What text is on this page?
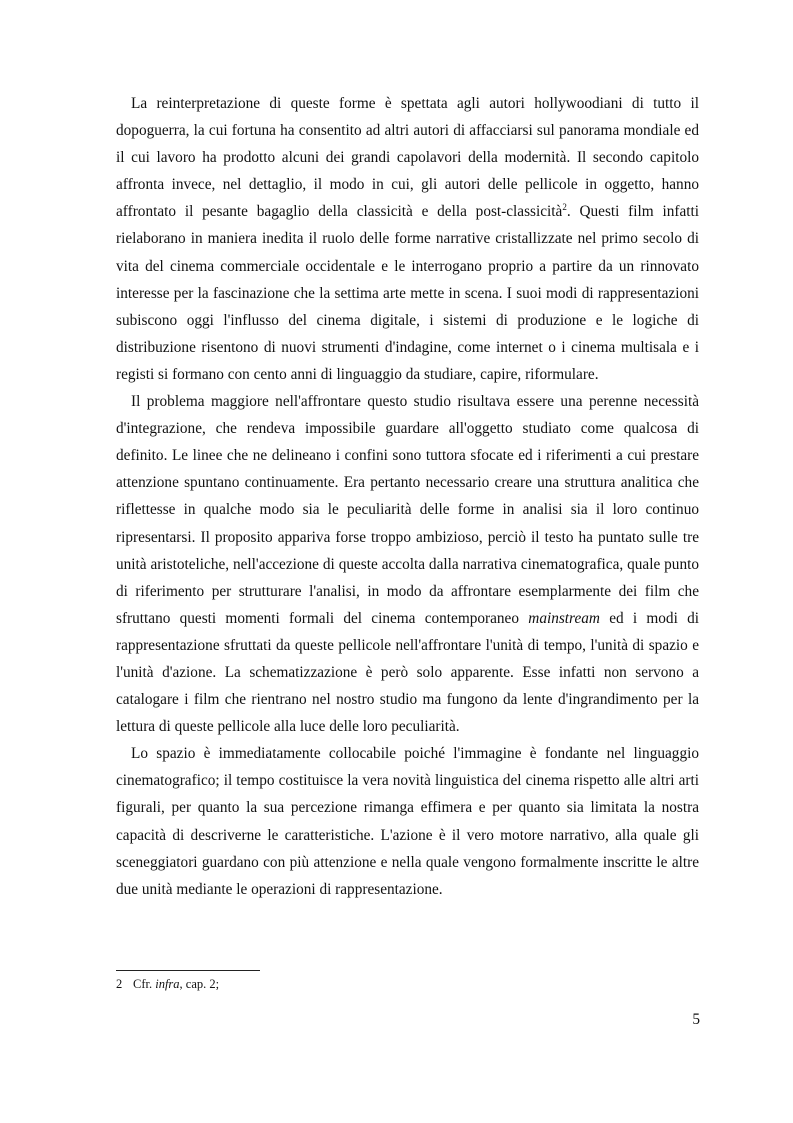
La reinterpretazione di queste forme è spettata agli autori hollywoodiani di tutto il dopoguerra, la cui fortuna ha consentito ad altri autori di affacciarsi sul panorama mondiale ed il cui lavoro ha prodotto alcuni dei grandi capolavori della modernità. Il secondo capitolo affronta invece, nel dettaglio, il modo in cui, gli autori delle pellicole in oggetto, hanno affrontato il pesante bagaglio della classicità e della post-classicità$^2$. Questi film infatti rielaborano in maniera inedita il ruolo delle forme narrative cristallizzate nel primo secolo di vita del cinema commerciale occidentale e le interrogano proprio a partire da un rinnovato interesse per la fascinazione che la settima arte mette in scena. I suoi modi di rappresentazioni subiscono oggi l'influsso del cinema digitale, i sistemi di produzione e le logiche di distribuzione risentono di nuovi strumenti d'indagine, come internet o i cinema multisala e i registi si formano con cento anni di linguaggio da studiare, capire, riformulare.

Il problema maggiore nell'affrontare questo studio risultava essere una perenne necessità d'integrazione, che rendeva impossibile guardare all'oggetto studiato come qualcosa di definito. Le linee che ne delineano i confini sono tuttora sfocate ed i riferimenti a cui prestare attenzione spuntano continuamente. Era pertanto necessario creare una struttura analitica che riflettesse in qualche modo sia le peculiarità delle forme in analisi sia il loro continuo ripresentarsi. Il proposito appariva forse troppo ambizioso, perciò il testo ha puntato sulle tre unità aristoteliche, nell'accezione di queste accolta dalla narrativa cinematografica, quale punto di riferimento per strutturare l'analisi, in modo da affrontare esemplarmente dei film che sfruttano questi momenti formali del cinema contemporaneo mainstream ed i modi di rappresentazione sfruttati da queste pellicole nell'affrontare l'unità di tempo, l'unità di spazio e l'unità d'azione. La schematizzazione è però solo apparente. Esse infatti non servono a catalogare i film che rientrano nel nostro studio ma fungono da lente d'ingrandimento per la lettura di queste pellicole alla luce delle loro peculiarità.

Lo spazio è immediatamente collocabile poiché l'immagine è fondante nel linguaggio cinematografico; il tempo costituisce la vera novità linguistica del cinema rispetto alle altri arti figurali, per quanto la sua percezione rimanga effimera e per quanto sia limitata la nostra capacità di descriverne le caratteristiche. L'azione è il vero motore narrativo, alla quale gli sceneggiatori guardano con più attenzione e nella quale vengono formalmente inscritte le altre due unità mediante le operazioni di rappresentazione.

2 Cfr. infra, cap. 2;
5
